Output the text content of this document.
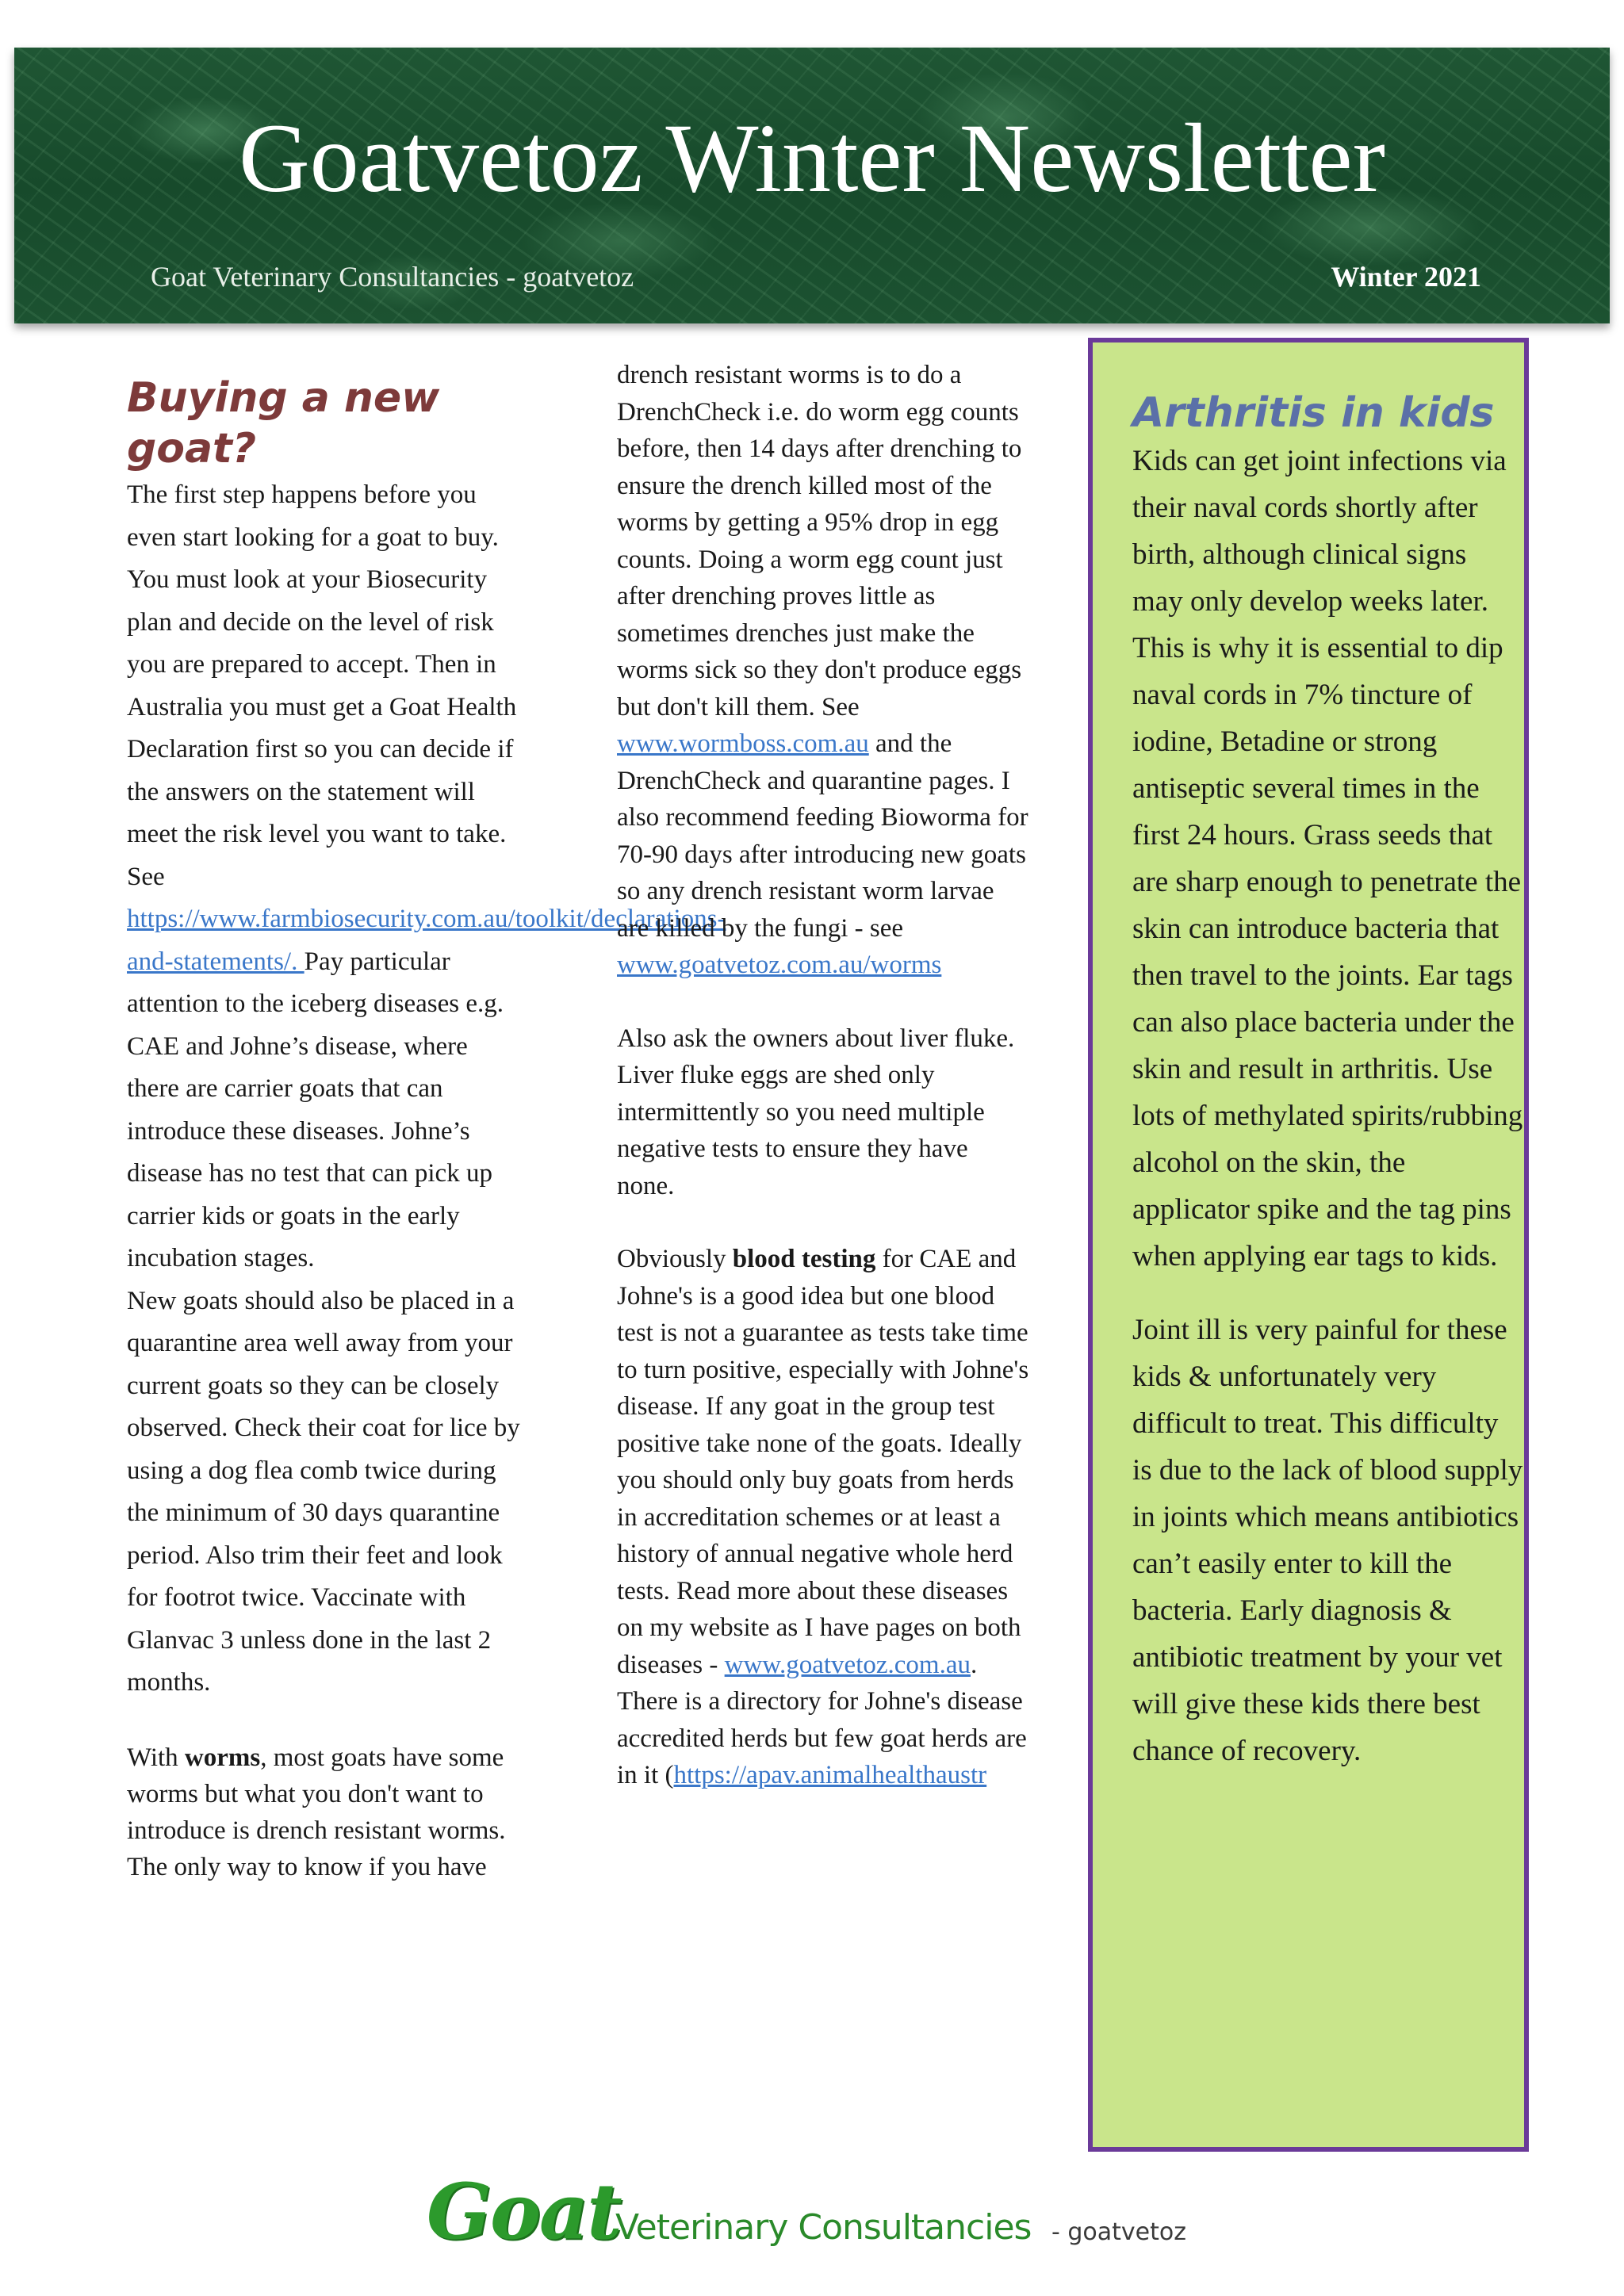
Goatvetoz Winter Newsletter
Goat Veterinary Consultancies - goatvetoz	Winter 2021
Buying a new goat?

The first step happens before you even start looking for a goat to buy. You must look at your Biosecurity plan and decide on the level of risk you are prepared to accept. Then in Australia you must get a Goat Health Declaration first so you can decide if the answers on the statement will meet the risk level you want to take. See https://www.farmbiosecurity.com.au/toolkit/declarations-and-statements/. Pay particular attention to the iceberg diseases e.g. CAE and Johne’s disease, where there are carrier goats that can introduce these diseases. Johne’s disease has no test that can pick up carrier kids or goats in the early incubation stages.

New goats should also be placed in a quarantine area well away from your current goats so they can be closely observed. Check their coat for lice by using a dog flea comb twice during the minimum of 30 days quarantine period. Also trim their feet and look for footrot twice. Vaccinate with Glanvac 3 unless done in the last 2 months.

With worms, most goats have some worms but what you don't want to introduce is drench resistant worms. The only way to know if you have

drench resistant worms is to do a DrenchCheck i.e. do worm egg counts before, then 14 days after drenching to ensure the drench killed most of the worms by getting a 95% drop in egg counts. Doing a worm egg count just after drenching proves little as sometimes drenches just make the worms sick so they don't produce eggs but don't kill them. See www.wormboss.com.au and the DrenchCheck and quarantine pages. I also recommend feeding Bioworma for 70-90 days after introducing new goats so any drench resistant worm larvae are killed by the fungi - see www.goatvetoz.com.au/worms

Also ask the owners about liver fluke. Liver fluke eggs are shed only intermittently so you need multiple negative tests to ensure they have none.

Obviously blood testing for CAE and Johne's is a good idea but one blood test is not a guarantee as tests take time to turn positive, especially with Johne's disease. If any goat in the group test positive take none of the goats. Ideally you should only buy goats from herds in accreditation schemes or at least a history of annual negative whole herd tests. Read more about these diseases on my website as I have pages on both diseases - www.goatvetoz.com.au. There is a directory for Johne's disease accredited herds but few goat herds are in it (https://apav.animalhealthaustr

Arthritis in kids

Kids can get joint infections via their naval cords shortly after birth, although clinical signs may only develop weeks later. This is why it is essential to dip naval cords in 7% tincture of iodine, Betadine or strong antiseptic several times in the first 24 hours. Grass seeds that are sharp enough to penetrate the skin can introduce bacteria that then travel to the joints. Ear tags can also place bacteria under the skin and result in arthritis. Use lots of methylated spirits/rubbing alcohol on the skin, the applicator spike and the tag pins when applying ear tags to kids.

Joint ill is very painful for these kids & unfortunately very difficult to treat. This difficulty is due to the lack of blood supply in joints which means antibiotics can’t easily enter to kill the bacteria. Early diagnosis & antibiotic treatment by your vet will give these kids there best chance of recovery.

Goat
Veterinary Consultancies - goatvetoz
